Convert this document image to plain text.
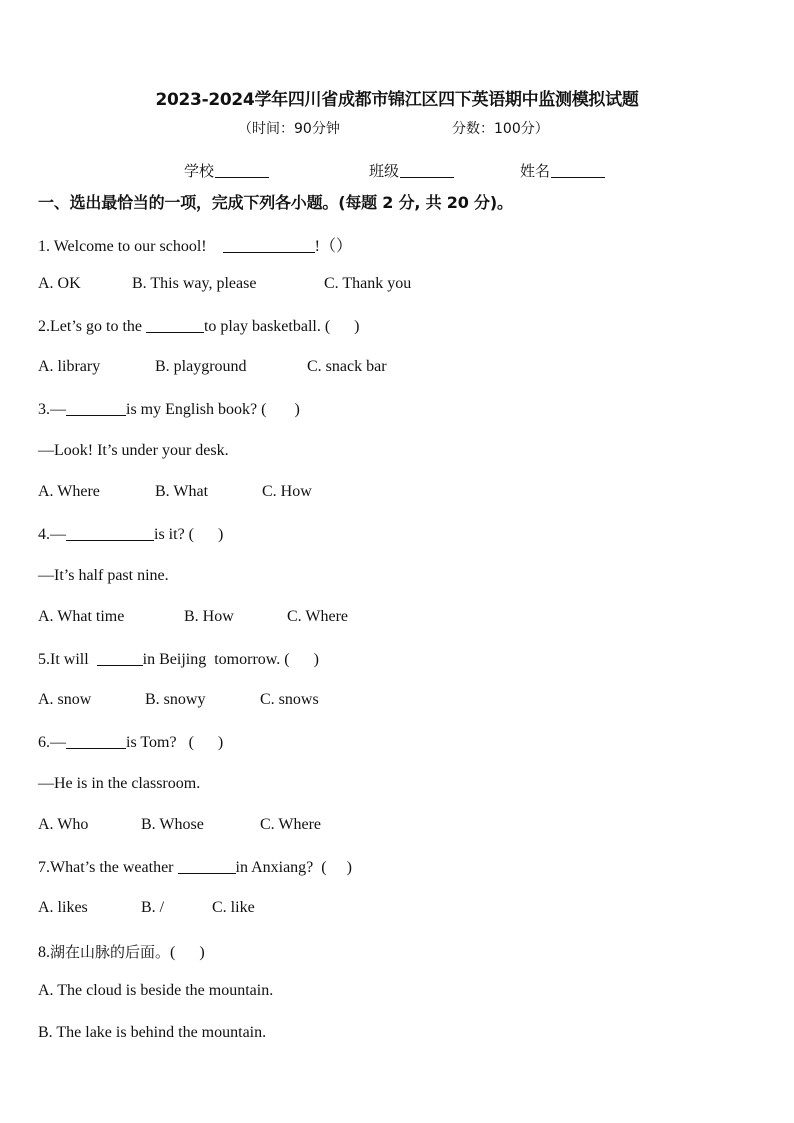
2023-2024学年四川省成都市锦江区四下英语期中监测模拟试题
（时间：90分钟	分数：100分）
学校	班级	姓名
一、选出最恰当的一项，完成下列各小题。(每题 2 分, 共 20 分)。
1. Welcome to our school!	!（）
A. OK	B. This way, please	C. Thank you
2.Let’s go to the	to play basketball. (      )
A. library	B. playground	C. snack bar
3.—	is my English book? (       )
—Look! It’s under your desk.
A. Where	B. What	C. How
4.—	is it? (      )
—It’s half past nine.
A. What time	B. How	C. Where
5.It will	in Beijing  tomorrow. (      )
A. snow	B. snowy	C. snows
6.—	is Tom?   (      )
—He is in the classroom.
A. Who	B. Whose	C. Where
7.What’s the weather	in Anxiang?  (     )
A. likes	B. /	C. like
8.湖在山脉的后面。(      )
A. The cloud is beside the mountain.
B. The lake is behind the mountain.
